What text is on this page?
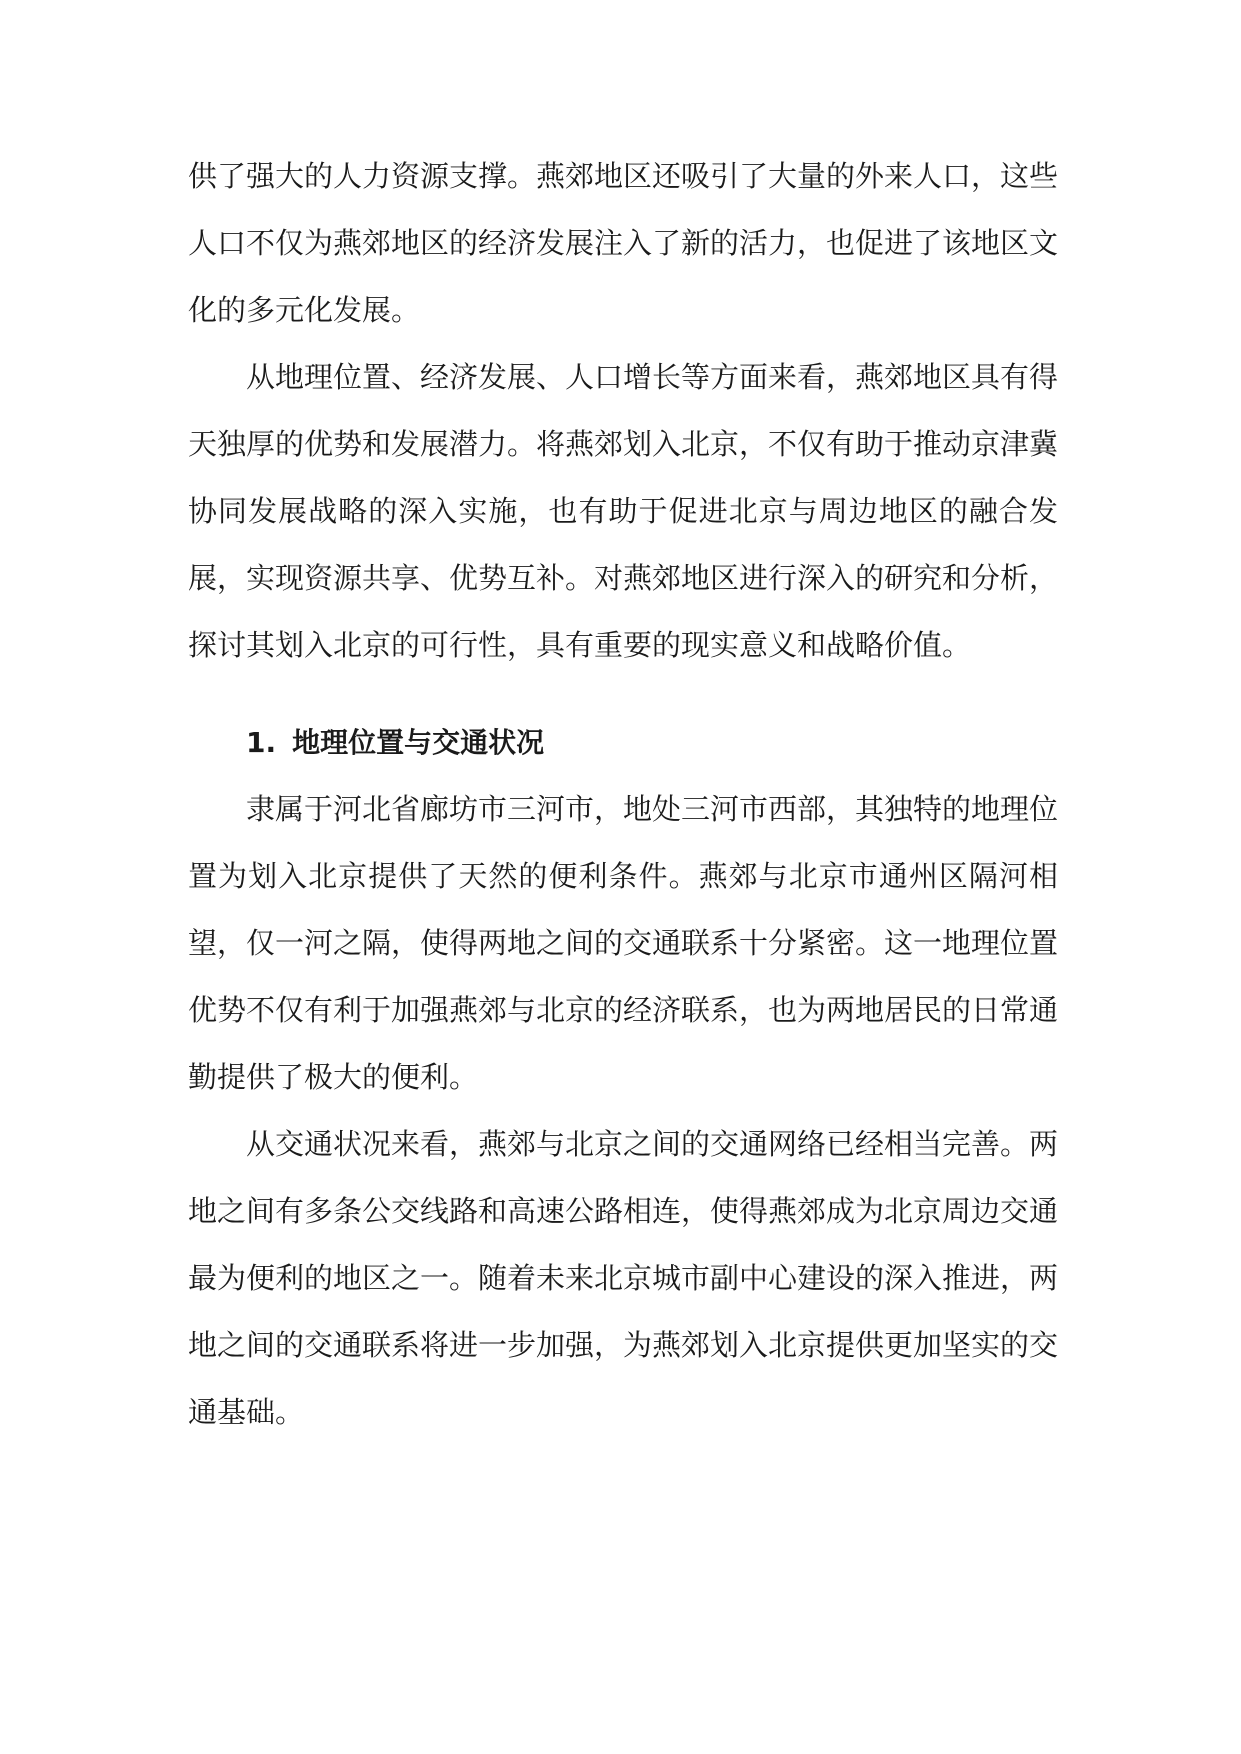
供了强大的人力资源支撑。燕郊地区还吸引了大量的外来人口，这些人口不仅为燕郊地区的经济发展注入了新的活力，也促进了该地区文化的多元化发展。

从地理位置、经济发展、人口增长等方面来看，燕郊地区具有得天独厚的优势和发展潜力。将燕郊划入北京，不仅有助于推动京津冀协同发展战略的深入实施，也有助于促进北京与周边地区的融合发展，实现资源共享、优势互补。对燕郊地区进行深入的研究和分析，探讨其划入北京的可行性，具有重要的现实意义和战略价值。

1. 地理位置与交通状况

隶属于河北省廊坊市三河市，地处三河市西部，其独特的地理位置为划入北京提供了天然的便利条件。燕郊与北京市通州区隔河相望，仅一河之隔，使得两地之间的交通联系十分紧密。这一地理位置优势不仅有利于加强燕郊与北京的经济联系，也为两地居民的日常通勤提供了极大的便利。

从交通状况来看，燕郊与北京之间的交通网络已经相当完善。两地之间有多条公交线路和高速公路相连，使得燕郊成为北京周边交通最为便利的地区之一。随着未来北京城市副中心建设的深入推进，两地之间的交通联系将进一步加强，为燕郊划入北京提供更加坚实的交通基础。
